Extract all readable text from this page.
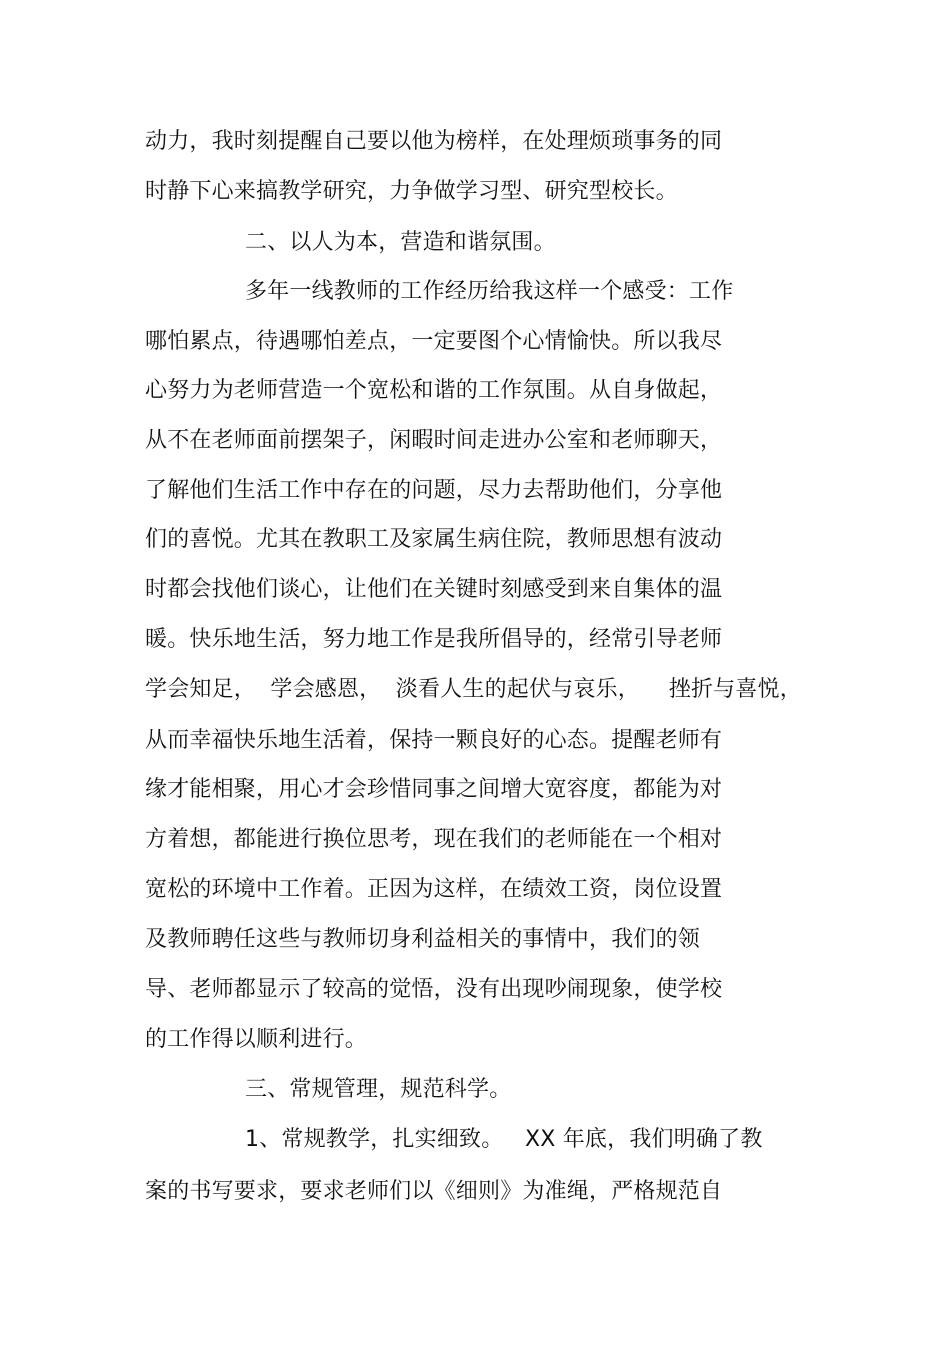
动力，我时刻提醒自己要以他为榜样，在处理烦琐事务的同
时静下心来搞教学研究，力争做学习型、研究型校长。
二、以人为本，营造和谐氛围。
多年一线教师的工作经历给我这样一个感受：工作
哪怕累点，待遇哪怕差点，一定要图个心情愉快。所以我尽
心努力为老师营造一个宽松和谐的工作氛围。从自身做起，
从不在老师面前摆架子，闲暇时间走进办公室和老师聊天，
了解他们生活工作中存在的问题，尽力去帮助他们，分享他
们的喜悦。尤其在教职工及家属生病住院，教师思想有波动
时都会找他们谈心，让他们在关键时刻感受到来自集体的温
暖。快乐地生活，努力地工作是我所倡导的，经常引导老师
学会知足，  学会感恩，  淡看人生的起伏与哀乐，    挫折与喜悦，
从而幸福快乐地生活着，保持一颗良好的心态。提醒老师有
缘才能相聚，用心才会珍惜同事之间增大宽容度，都能为对
方着想，都能进行换位思考，现在我们的老师能在一个相对
宽松的环境中工作着。正因为这样，在绩效工资，岗位设置
及教师聘任这些与教师切身利益相关的事情中，我们的领
导、老师都显示了较高的觉悟，没有出现吵闹现象，使学校
的工作得以顺利进行。
三、常规管理，规范科学。
1、常规教学，扎实细致。   XX 年底，我们明确了教
案的书写要求，要求老师们以《细则》为准绳，严格规范自
